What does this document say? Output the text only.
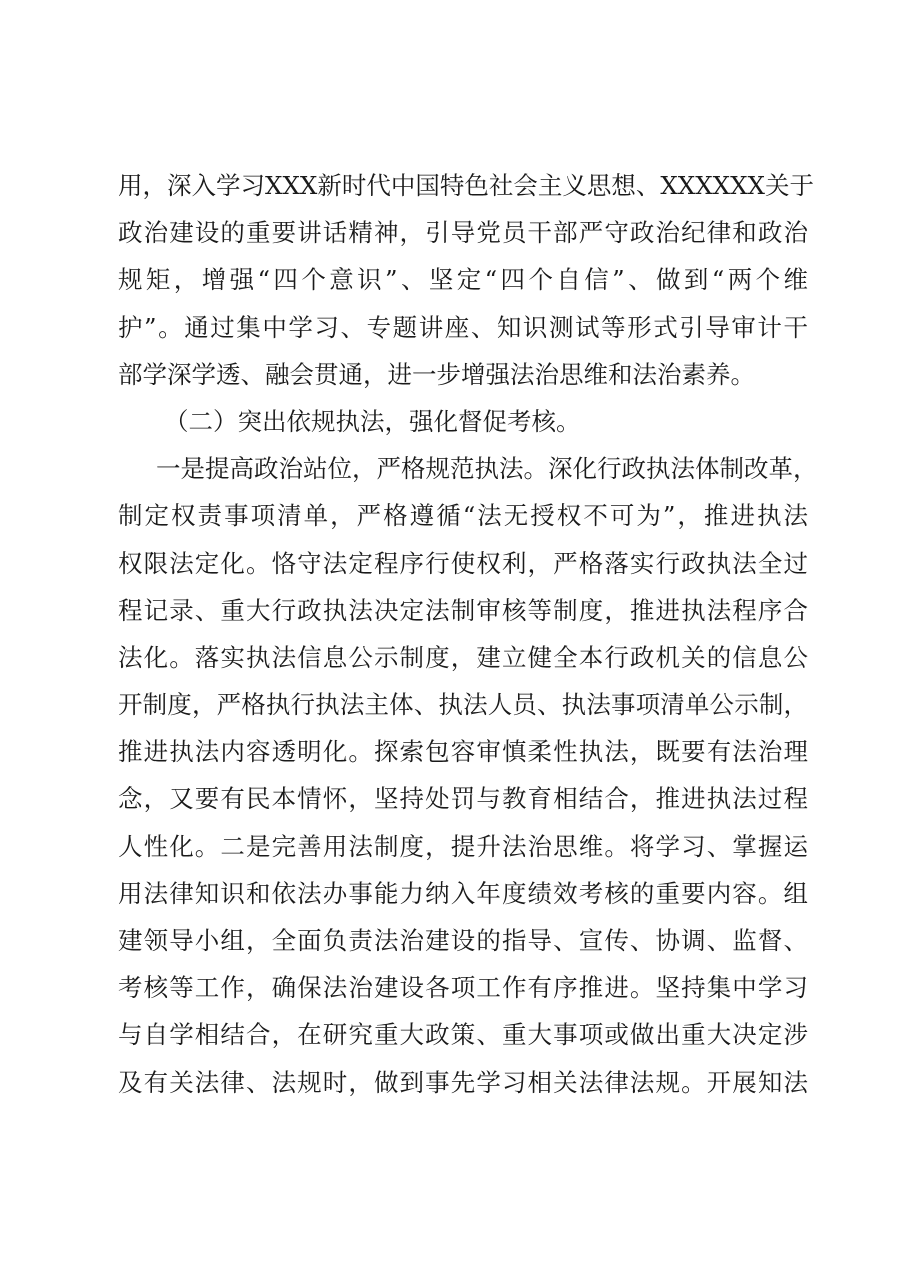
用，深入学习XXX新时代中国特色社会主义思想、XXXXXX关于
政治建设的重要讲话精神，引导党员干部严守政治纪律和政治
规矩，增强“四个意识”、坚定“四个自信”、做到“两个维
护”。通过集中学习、专题讲座、知识测试等形式引导审计干
部学深学透、融会贯通，进一步增强法治思维和法治素养。
（二）突出依规执法，强化督促考核。
一是提高政治站位，严格规范执法。深化行政执法体制改革，
制定权责事项清单，严格遵循“法无授权不可为”，推进执法
权限法定化。恪守法定程序行使权利，严格落实行政执法全过
程记录、重大行政执法决定法制审核等制度，推进执法程序合
法化。落实执法信息公示制度，建立健全本行政机关的信息公
开制度，严格执行执法主体、执法人员、执法事项清单公示制，
推进执法内容透明化。探索包容审慎柔性执法，既要有法治理
念，又要有民本情怀，坚持处罚与教育相结合，推进执法过程
人性化。二是完善用法制度，提升法治思维。将学习、掌握运
用法律知识和依法办事能力纳入年度绩效考核的重要内容。组
建领导小组，全面负责法治建设的指导、宣传、协调、监督、
考核等工作，确保法治建设各项工作有序推进。坚持集中学习
与自学相结合，在研究重大政策、重大事项或做出重大决定涉
及有关法律、法规时，做到事先学习相关法律法规。开展知法
